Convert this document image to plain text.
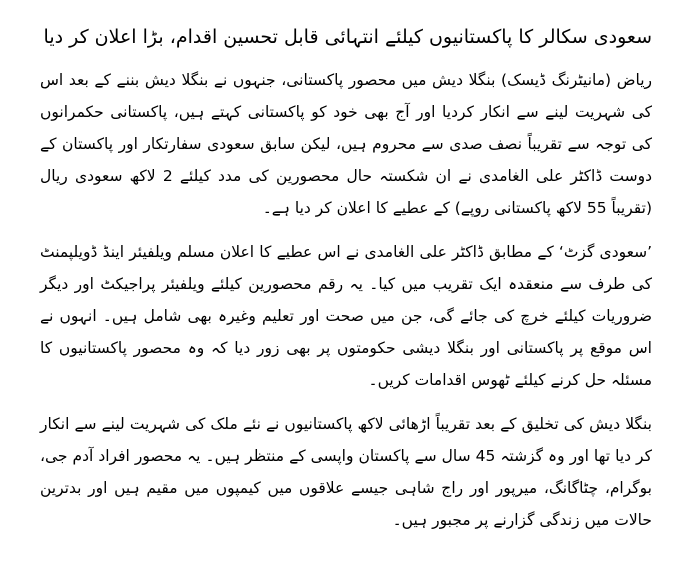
سعودی سکالر کا پاکستانیوں کیلئے انتہائی قابل تحسین اقدام، بڑا اعلان کر دیا

ریاض (مانیٹرنگ ڈیسک) بنگلا دیش میں محصور پاکستانی، جنہوں نے بنگلا دیش بننے کے بعد اس کی شہریت لینے سے انکار کردیا اور آج بھی خود کو پاکستانی کہتے ہیں، پاکستانی حکمرانوں کی توجہ سے تقریباً نصف صدی سے محروم ہیں، لیکن سابق سعودی سفارتکار اور پاکستان کے دوست ڈاکٹر علی الغامدی نے ان شکستہ حال محصورین کی مدد کیلئے 2 لاکھ سعودی ریال (تقریباً 55 لاکھ پاکستانی روپے) کے عطیے کا اعلان کر دیا ہے۔

’سعودی گزٹ‘ کے مطابق ڈاکٹر علی الغامدی نے اس عطیے کا اعلان مسلم ویلفیئر اینڈ ڈویلپمنٹ کی طرف سے منعقدہ ایک تقریب میں کیا۔ یہ رقم محصورین کیلئے ویلفیئر پراجیکٹ اور دیگر ضروریات کیلئے خرچ کی جائے گی، جن میں صحت اور تعلیم وغیرہ بھی شامل ہیں۔ انہوں نے اس موقع پر پاکستانی اور بنگلا دیشی حکومتوں پر بھی زور دیا کہ وہ محصور پاکستانیوں کا مسئلہ حل کرنے کیلئے ٹھوس اقدامات کریں۔

بنگلا دیش کی تخلیق کے بعد تقریباً اڑھائی لاکھ پاکستانیوں نے نئے ملک کی شہریت لینے سے انکار کر دیا تھا اور وہ گزشتہ 45 سال سے پاکستان واپسی کے منتظر ہیں۔ یہ محصور افراد آدم جی، بوگرام، چٹاگانگ، میرپور اور راج شاہی جیسے علاقوں میں کیمپوں میں مقیم ہیں اور بدترین حالات میں زندگی گزارنے پر مجبور ہیں۔
